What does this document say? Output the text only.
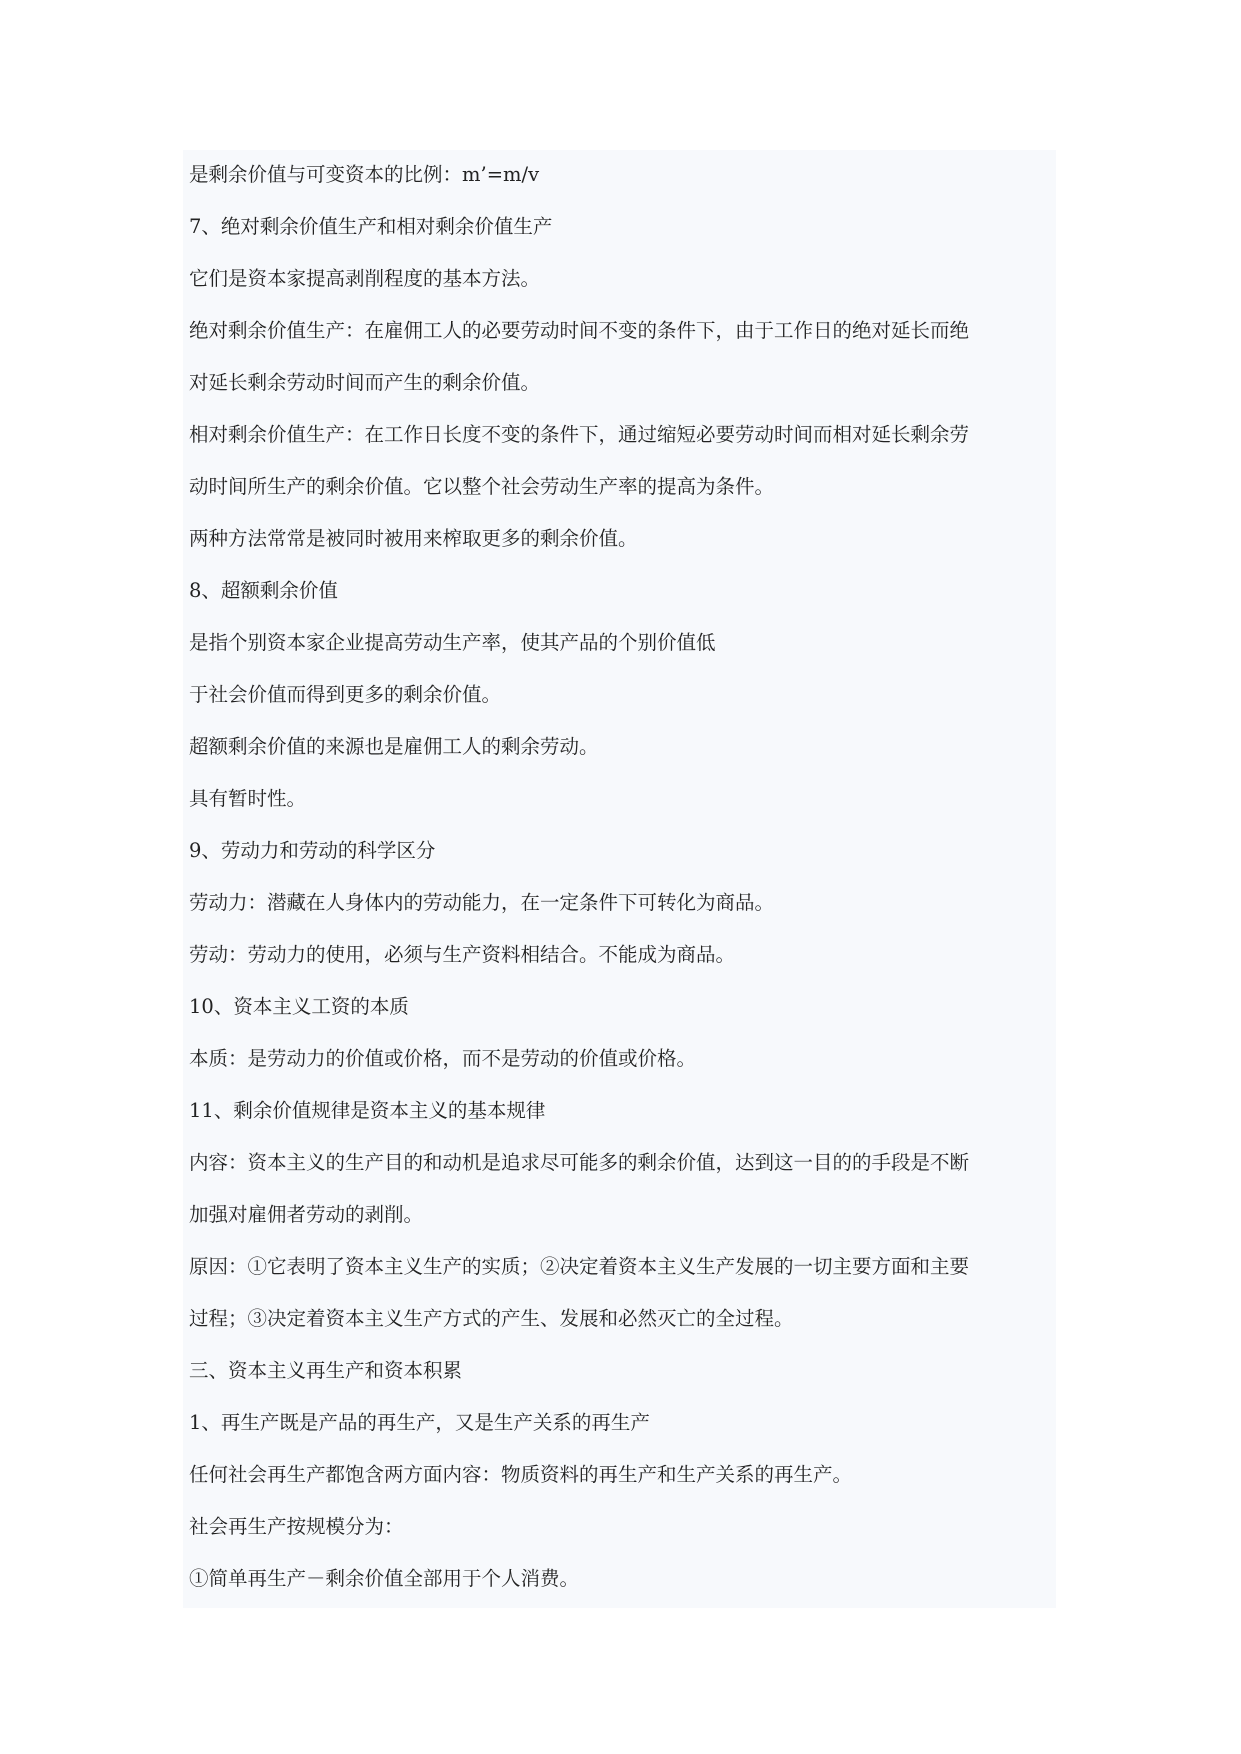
是剩余价值与可变资本的比例：m’=m/v
7、绝对剩余价值生产和相对剩余价值生产
它们是资本家提高剥削程度的基本方法。
绝对剩余价值生产：在雇佣工人的必要劳动时间不变的条件下，由于工作日的绝对延长而绝
对延长剩余劳动时间而产生的剩余价值。
相对剩余价值生产：在工作日长度不变的条件下，通过缩短必要劳动时间而相对延长剩余劳
动时间所生产的剩余价值。它以整个社会劳动生产率的提高为条件。
两种方法常常是被同时被用来榨取更多的剩余价值。
8、超额剩余价值
是指个别资本家企业提高劳动生产率，使其产品的个别价值低
于社会价值而得到更多的剩余价值。
超额剩余价值的来源也是雇佣工人的剩余劳动。
具有暂时性。
9、劳动力和劳动的科学区分
劳动力：潜藏在人身体内的劳动能力，在一定条件下可转化为商品。
劳动：劳动力的使用，必须与生产资料相结合。不能成为商品。
10、资本主义工资的本质
本质：是劳动力的价值或价格，而不是劳动的价值或价格。
11、剩余价值规律是资本主义的基本规律
内容：资本主义的生产目的和动机是追求尽可能多的剩余价值，达到这一目的的手段是不断
加强对雇佣者劳动的剥削。
原因：①它表明了资本主义生产的实质；②决定着资本主义生产发展的一切主要方面和主要
过程；③决定着资本主义生产方式的产生、发展和必然灭亡的全过程。
三、资本主义再生产和资本积累
1、再生产既是产品的再生产，又是生产关系的再生产
任何社会再生产都饱含两方面内容：物质资料的再生产和生产关系的再生产。
社会再生产按规模分为：
①简单再生产－剩余价值全部用于个人消费。
